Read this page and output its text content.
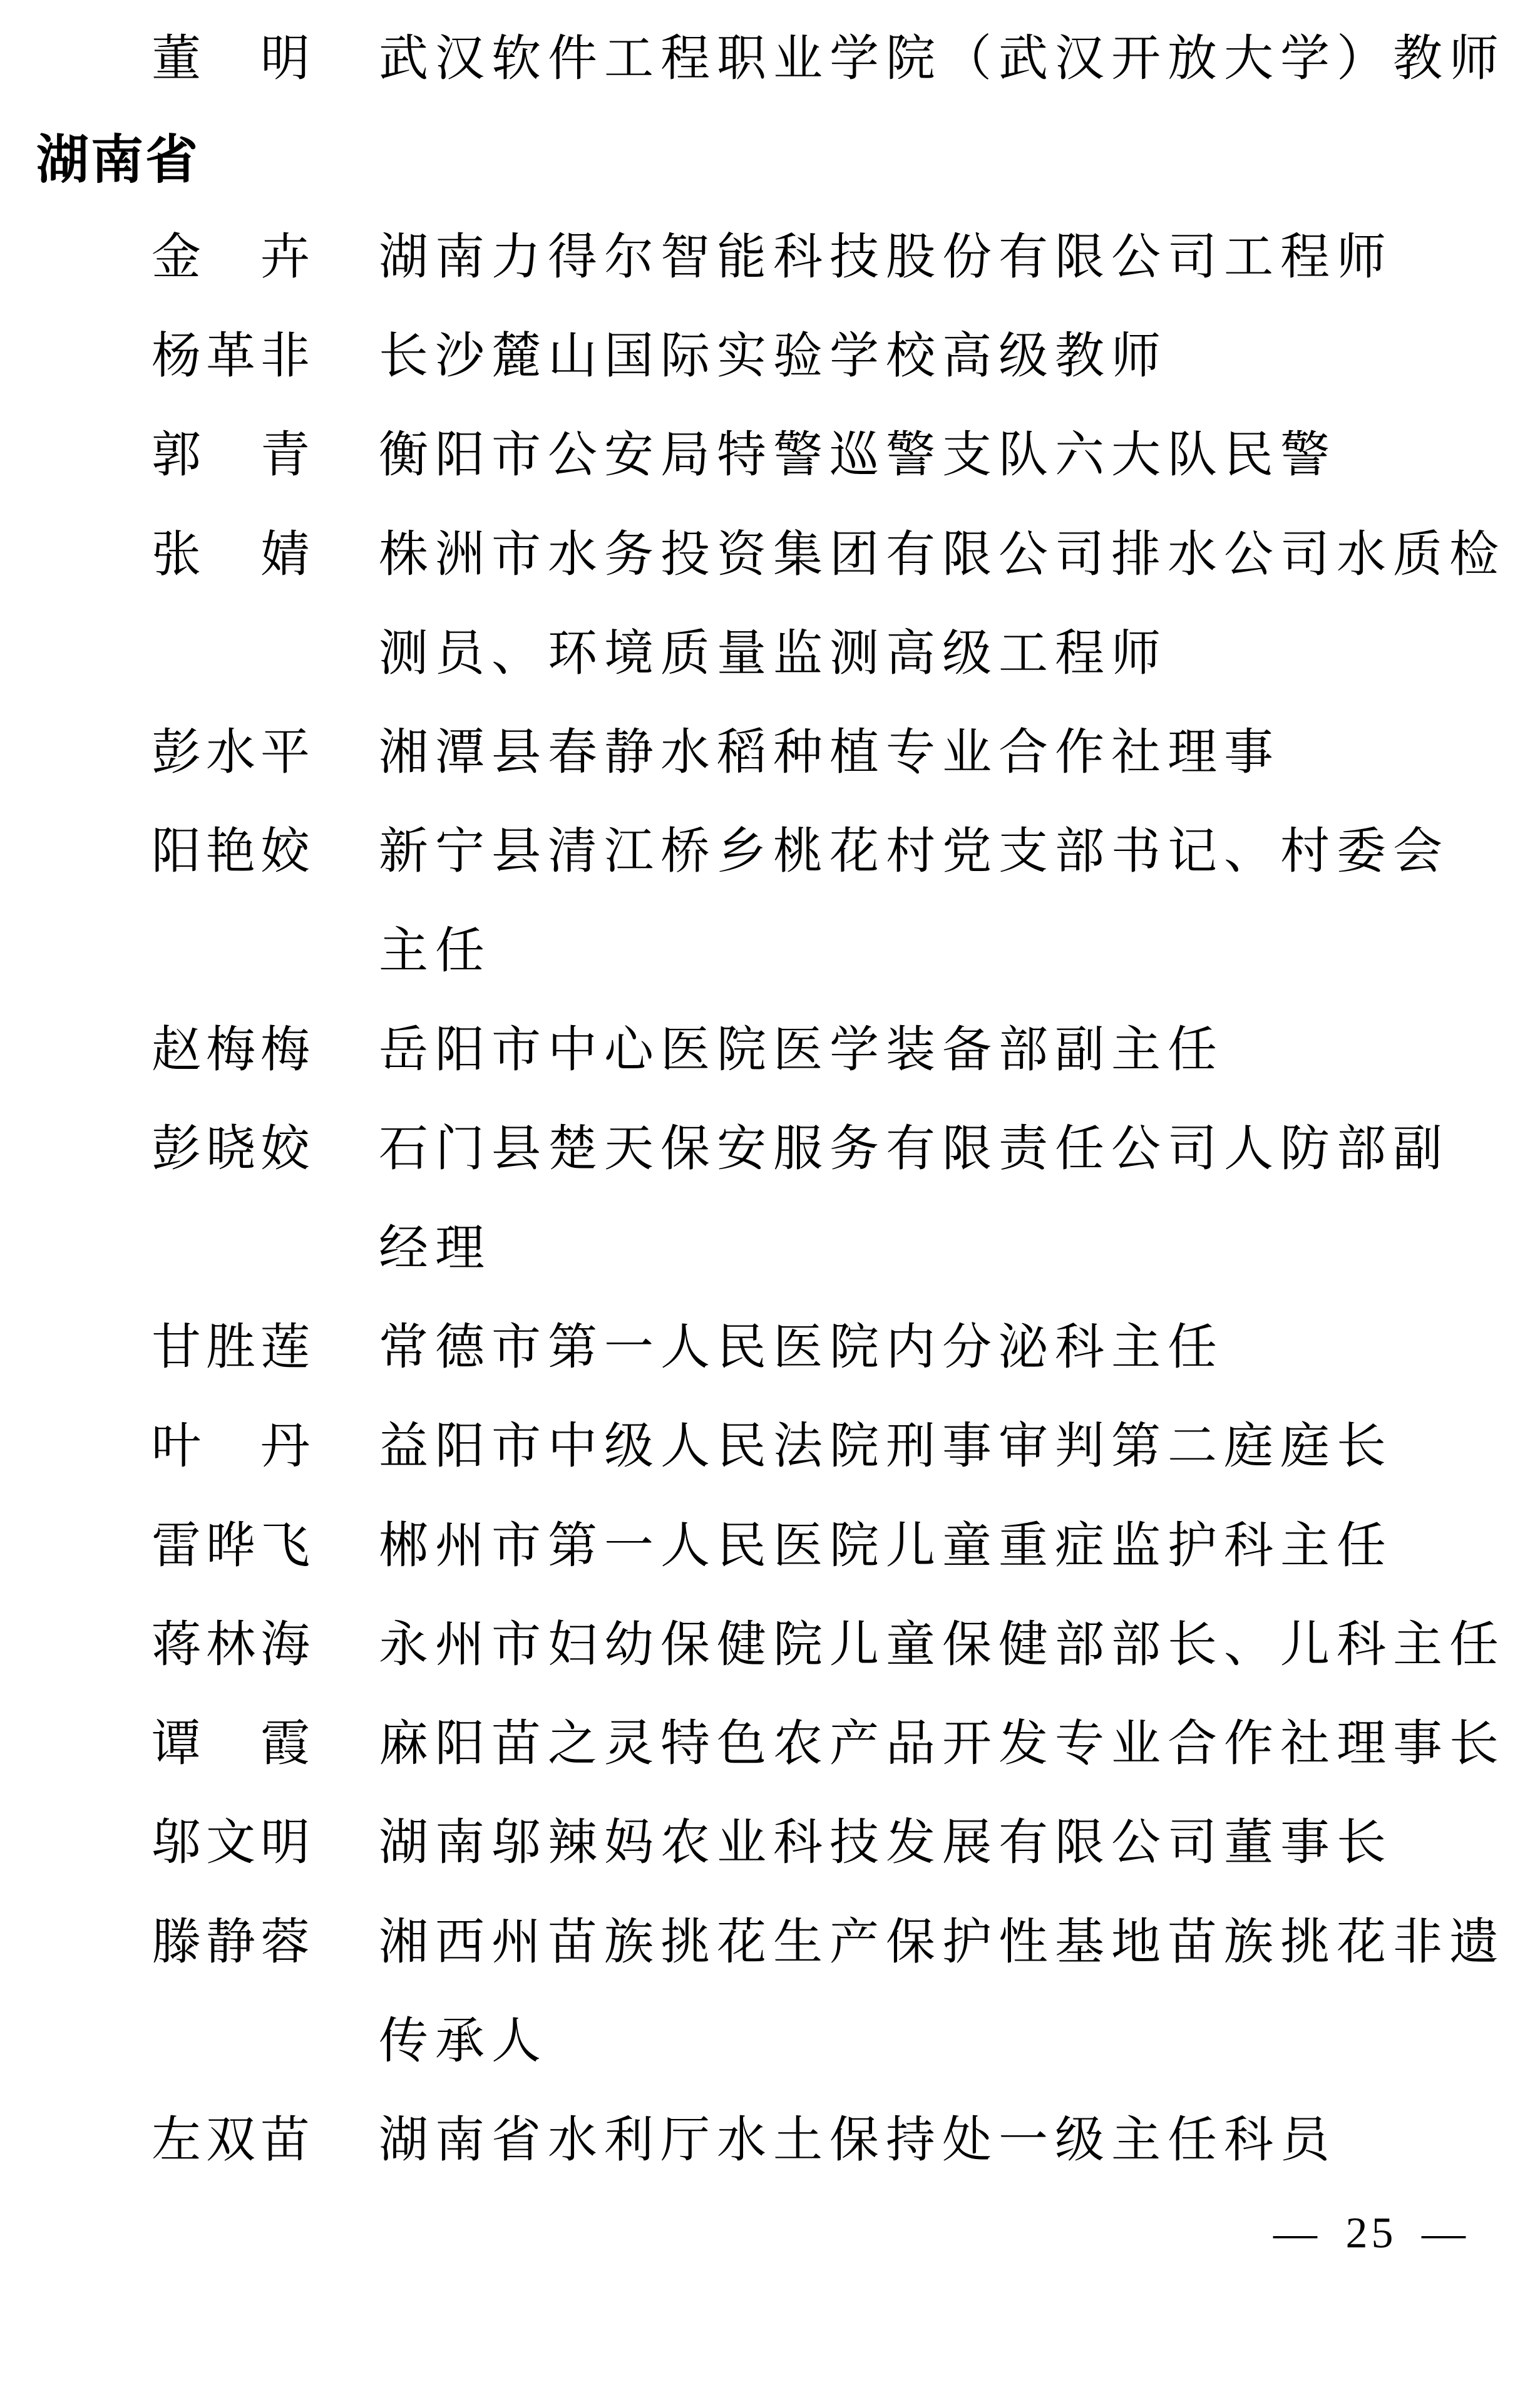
董 明 武汉软件工程职业学院（武汉开放大学）教师
湖南省
金 卉 湖南力得尔智能科技股份有限公司工程师
杨 革 非 长沙麓山国际实验学校高级教师
郭 青 衡阳市公安局特警巡警支队六大队民警
张 婧 株洲市水务投资集团有限公司排水公司水质检
测员、环境质量监测高级工程师
彭 水 平 湘潭县春静水稻种植专业合作社理事
阳 艳 姣 新宁县清江桥乡桃花村党支部书记、村委会
主任
赵 梅 梅 岳阳市中心医院医学装备部副主任
彭 晓 姣 石门县楚天保安服务有限责任公司人防部副
经理
甘 胜 莲 常德市第一人民医院内分泌科主任
叶 丹 益阳市中级人民法院刑事审判第二庭庭长
雷 晔 飞 郴州市第一人民医院儿童重症监护科主任
蒋 林 海 永州市妇幼保健院儿童保健部部长、儿科主任
谭 霞 麻阳苗之灵特色农产品开发专业合作社理事长
邬 文 明 湖南邬辣妈农业科技发展有限公司董事长
滕 静 蓉 湘西州苗族挑花生产保护性基地苗族挑花非遗
传承人
左 双 苗 湖南省水利厅水土保持处一级主任科员
— 25 —
